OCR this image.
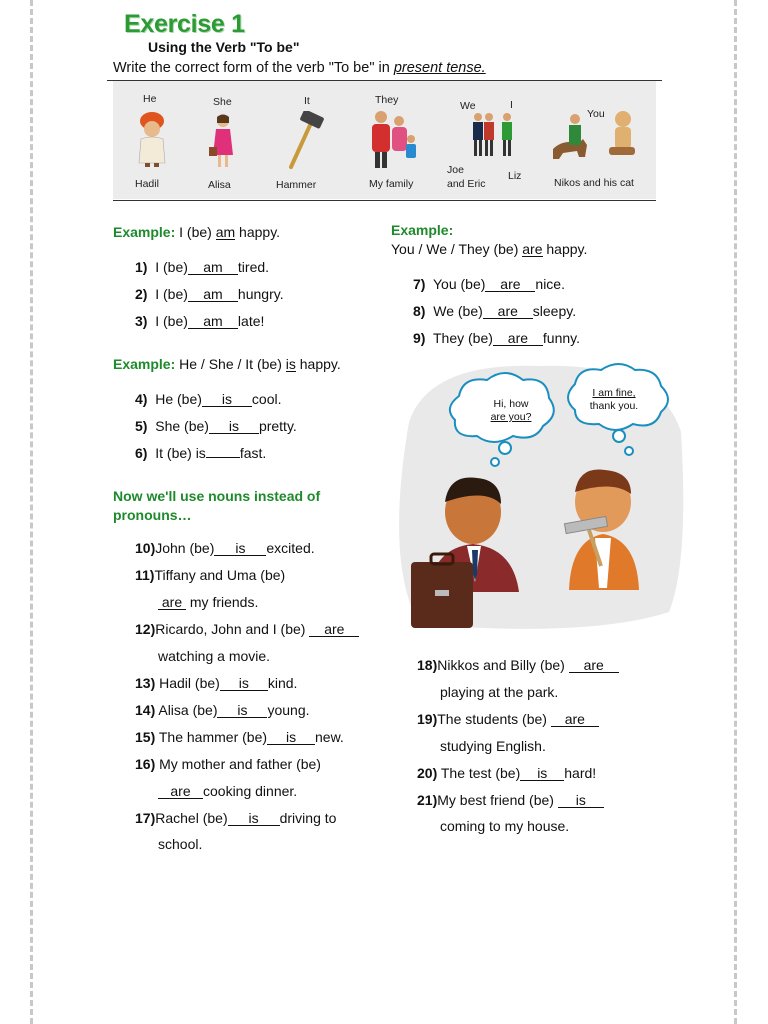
Exercise 1
Using the Verb "To be"
Write the correct form of the verb "To be" in present tense.
He
Hadil
She
Alisa
It
Hammer
They
My family
We	I
Joe
and Eric
Liz
You
Nikos and his cat
Example: I (be) am happy.
1) I (be) am tired.
2) I (be) am hungry.
3) I (be) am late!
Example: He / She / It (be) is happy.
4) He (be) is cool.
5) She (be) is pretty.
6) It (be) is fast.
Now we'll use nouns instead of pronouns…
10)John (be) is excited.
11)Tiffany and Uma (be)
are my friends.
12)Ricardo, John and I (be) are
watching a movie.
13) Hadil (be) is kind.
14) Alisa (be) is young.
15) The hammer (be) is new.
16) My mother and father (be)
are cooking dinner.
17)Rachel (be) is driving to
school.
Example:
You / We / They (be) are happy.
7) You (be) are nice.
8) We (be) are sleepy.
9) They (be) are funny.
Hi, how
are you?
I am fine,
thank you.
18)Nikkos and Billy (be) are
playing at the park.
19)The students (be) are
studying English.
20) The test (be) is hard!
21)My best friend (be) is
coming to my house.
